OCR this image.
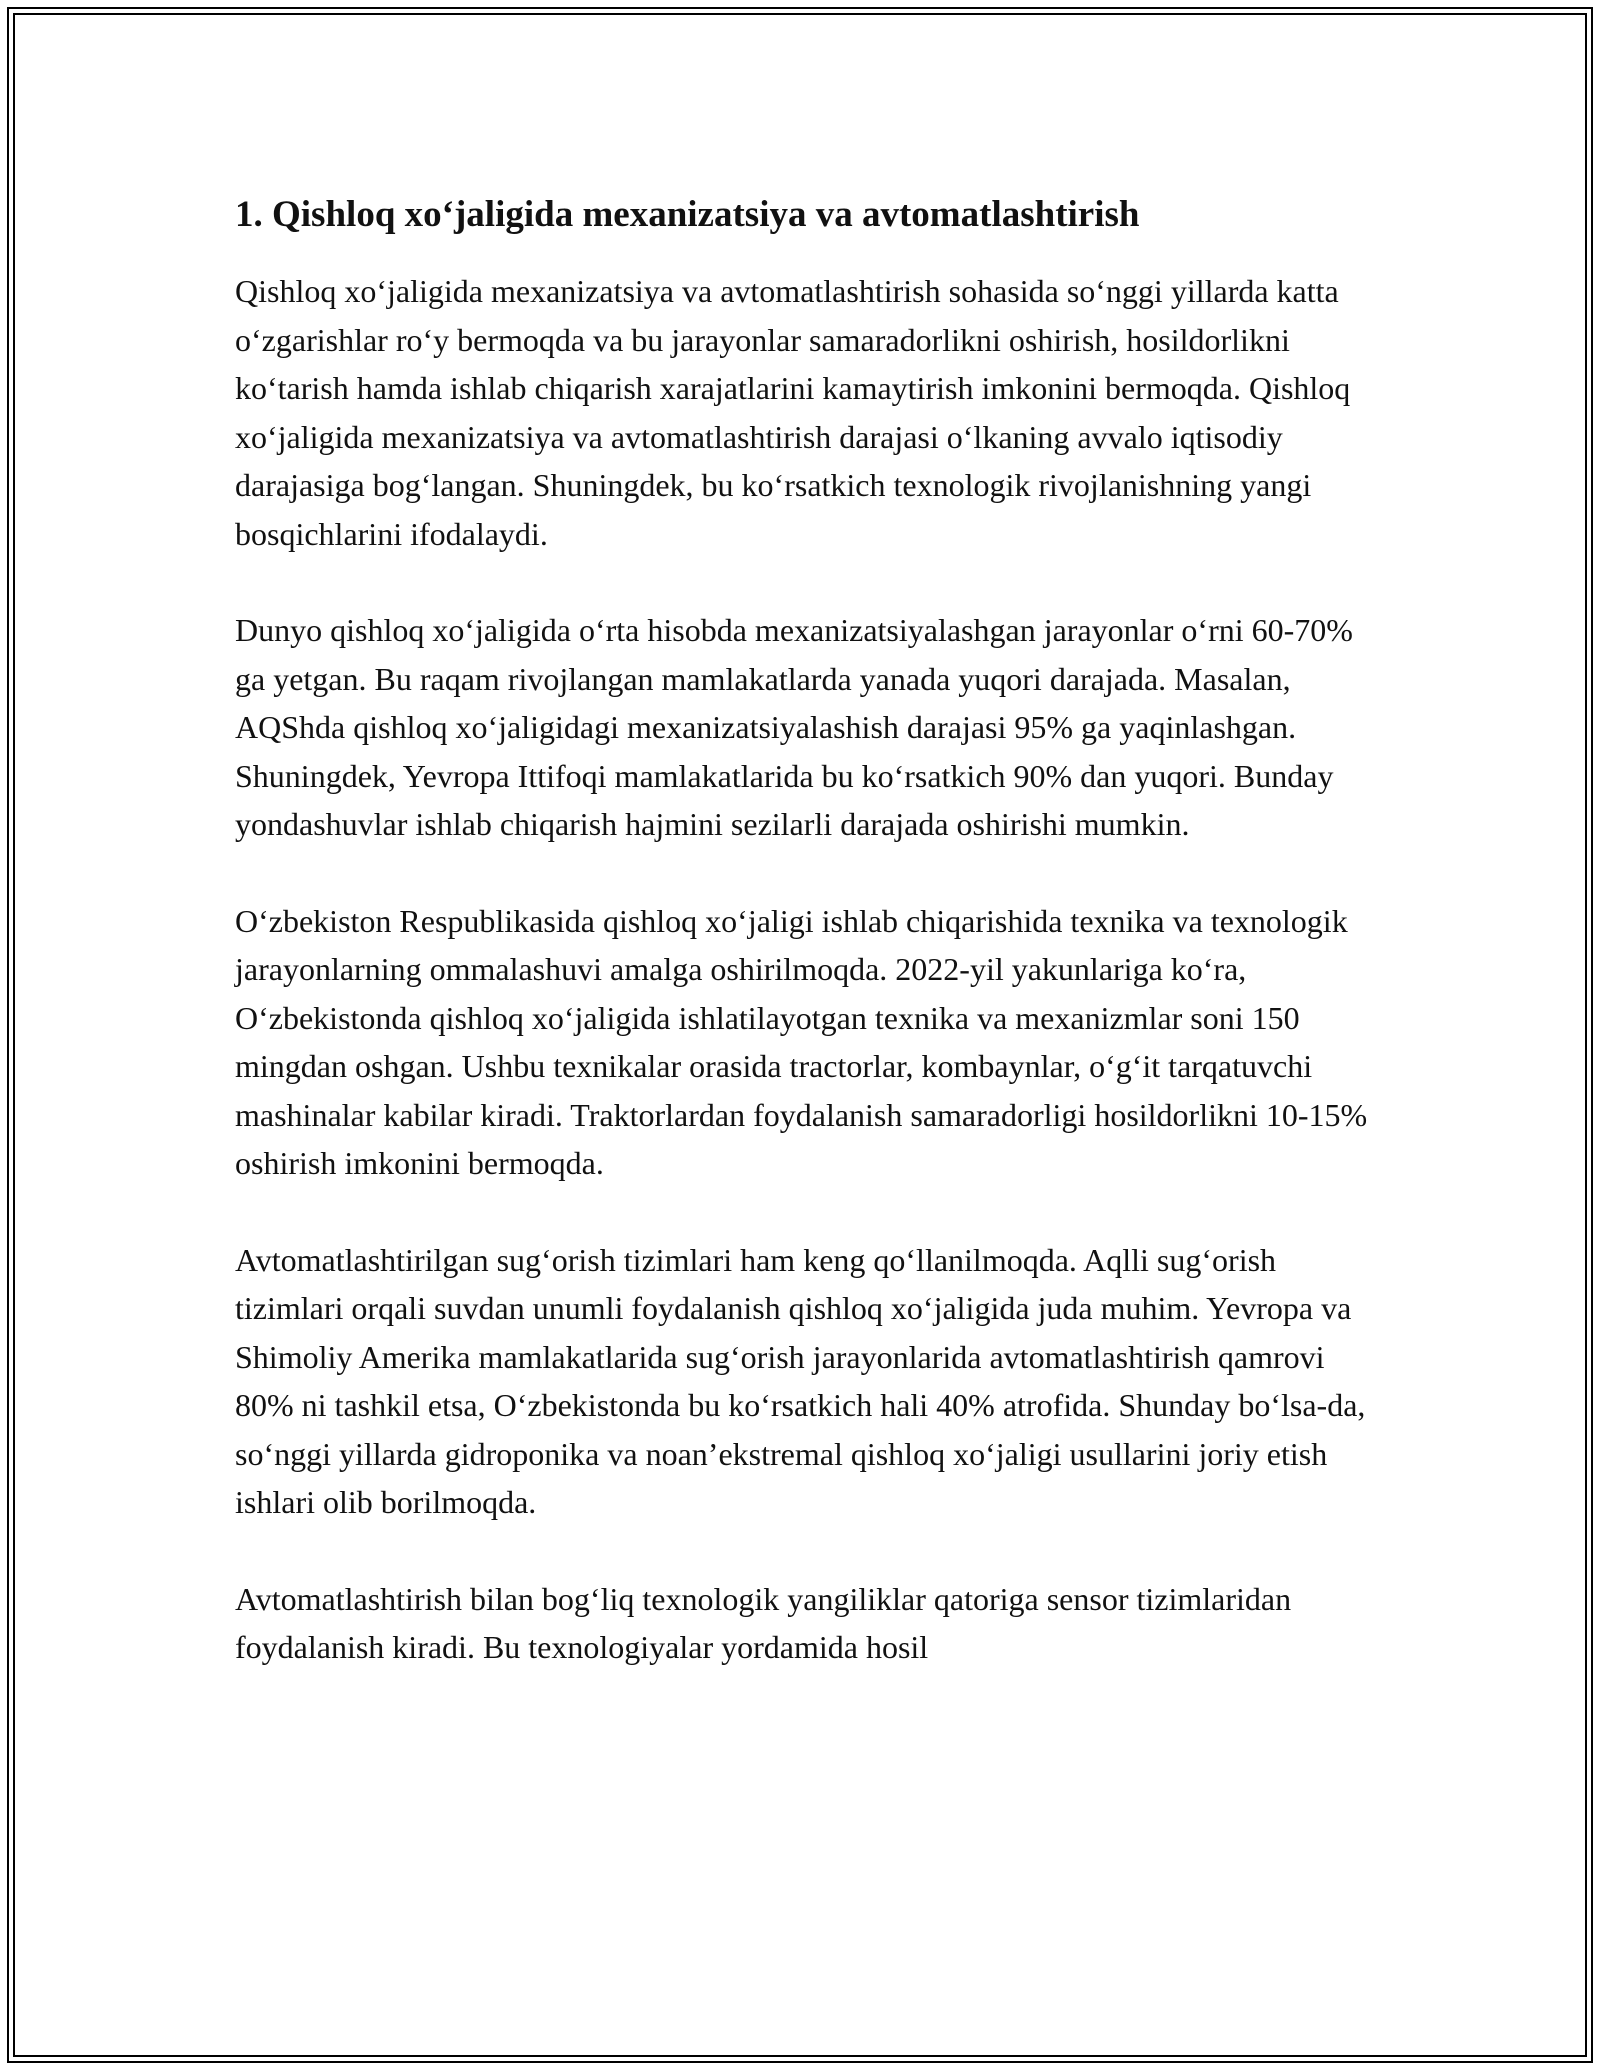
1. Qishloq xo‘jaligida mexanizatsiya va avtomatlashtirish

Qishloq xo‘jaligida mexanizatsiya va avtomatlashtirish sohasida so‘nggi yillarda katta o‘zgarishlar ro‘y bermoqda va bu jarayonlar samaradorlikni oshirish, hosildorlikni ko‘tarish hamda ishlab chiqarish xarajatlarini kamaytirish imkonini bermoqda. Qishloq xo‘jaligida mexanizatsiya va avtomatlashtirish darajasi o‘lkaning avvalo iqtisodiy darajasiga bog‘langan. Shuningdek, bu ko‘rsatkich texnologik rivojlanishning yangi bosqichlarini ifodalaydi.

Dunyo qishloq xo‘jaligida o‘rta hisobda mexanizatsiyalashgan jarayonlar o‘rni 60-70% ga yetgan. Bu raqam rivojlangan mamlakatlarda yanada yuqori darajada. Masalan, AQShda qishloq xo‘jaligidagi mexanizatsiyalashish darajasi 95% ga yaqinlashgan. Shuningdek, Yevropa Ittifoqi mamlakatlarida bu ko‘rsatkich 90% dan yuqori. Bunday yondashuvlar ishlab chiqarish hajmini sezilarli darajada oshirishi mumkin.

O‘zbekiston Respublikasida qishloq xo‘jaligi ishlab chiqarishida texnika va texnologik jarayonlarning ommalashuvi amalga oshirilmoqda. 2022-yil yakunlariga ko‘ra, O‘zbekistonda qishloq xo‘jaligida ishlatilayotgan texnika va mexanizmlar soni 150 mingdan oshgan. Ushbu texnikalar orasida tractorlar, kombaynlar, o‘g‘it tarqatuvchi mashinalar kabilar kiradi. Traktorlardan foydalanish samaradorligi hosildorlikni 10-15% oshirish imkonini bermoqda.

Avtomatlashtirilgan sug‘orish tizimlari ham keng qo‘llanilmoqda. Aqlli sug‘orish tizimlari orqali suvdan unumli foydalanish qishloq xo‘jaligida juda muhim. Yevropa va Shimoliy Amerika mamlakatlarida sug‘orish jarayonlarida avtomatlashtirish qamrovi 80% ni tashkil etsa, O‘zbekistonda bu ko‘rsatkich hali 40% atrofida. Shunday bo‘lsa-da, so‘nggi yillarda gidroponika va noan’ekstremal qishloq xo‘jaligi usullarini joriy etish ishlari olib borilmoqda.

Avtomatlashtirish bilan bog‘liq texnologik yangiliklar qatoriga sensor tizimlaridan foydalanish kiradi. Bu texnologiyalar yordamida hosil
